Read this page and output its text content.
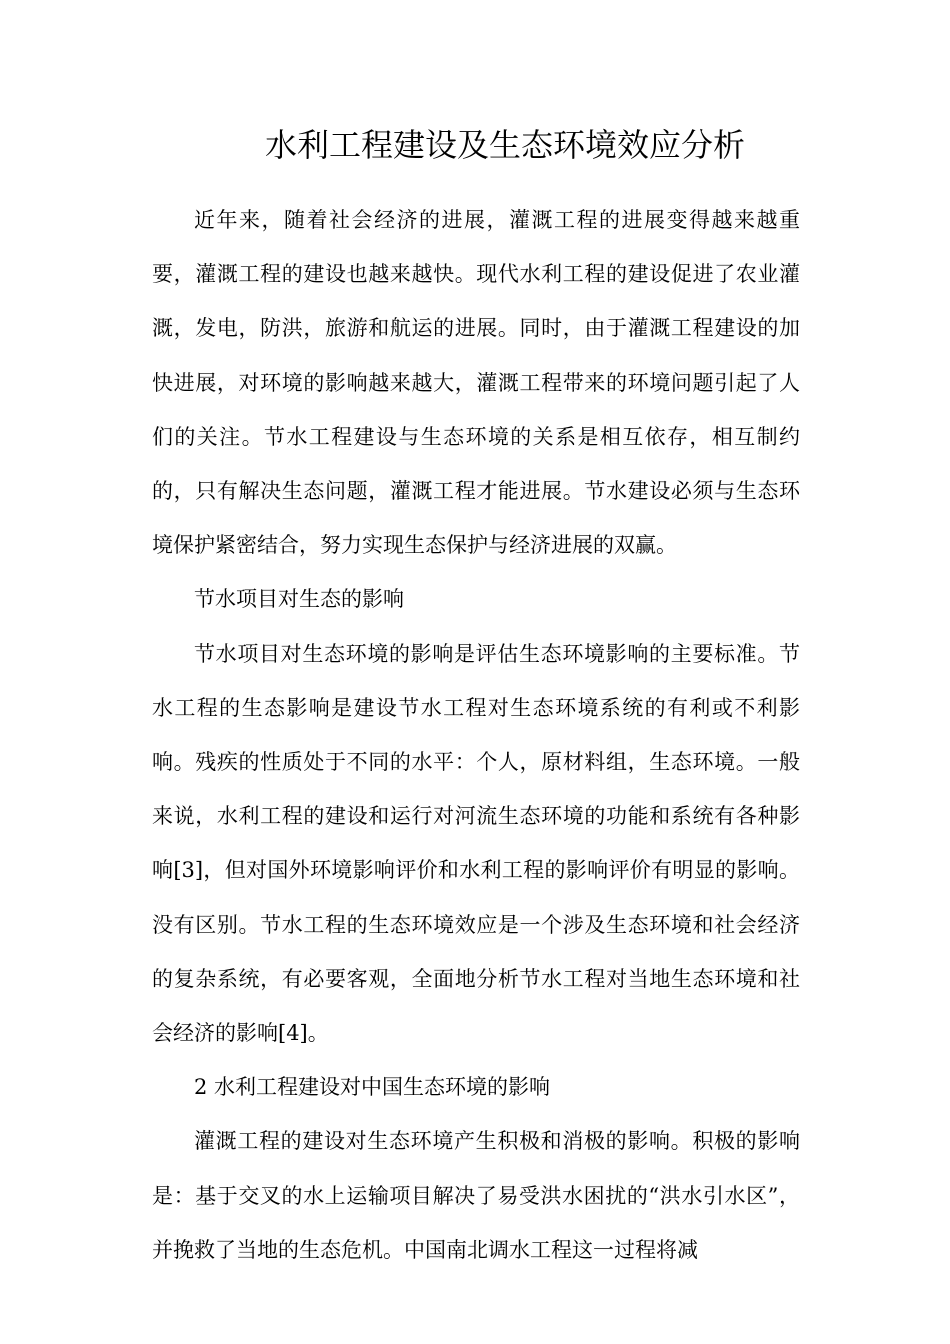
水利工程建设及生态环境效应分析

近年来，随着社会经济的进展，灌溉工程的进展变得越来越重要，灌溉工程的建设也越来越快。现代水利工程的建设促进了农业灌溉，发电，防洪，旅游和航运的进展。同时，由于灌溉工程建设的加快进展，对环境的影响越来越大，灌溉工程带来的环境问题引起了人们的关注。节水工程建设与生态环境的关系是相互依存，相互制约的，只有解决生态问题，灌溉工程才能进展。节水建设必须与生态环境保护紧密结合，努力实现生态保护与经济进展的双赢。

节水项目对生态的影响

节水项目对生态环境的影响是评估生态环境影响的主要标准。节水工程的生态影响是建设节水工程对生态环境系统的有利或不利影响。残疾的性质处于不同的水平：个人，原材料组，生态环境。一般来说，水利工程的建设和运行对河流生态环境的功能和系统有各种影响[3]，但对国外环境影响评价和水利工程的影响评价有明显的影响。没有区别。节水工程的生态环境效应是一个涉及生态环境和社会经济的复杂系统，有必要客观，全面地分析节水工程对当地生态环境和社会经济的影响[4]。

2 水利工程建设对中国生态环境的影响

灌溉工程的建设对生态环境产生积极和消极的影响。积极的影响是：基于交叉的水上运输项目解决了易受洪水困扰的“洪水引水区”，并挽救了当地的生态危机。中国南北调水工程这一过程将减
